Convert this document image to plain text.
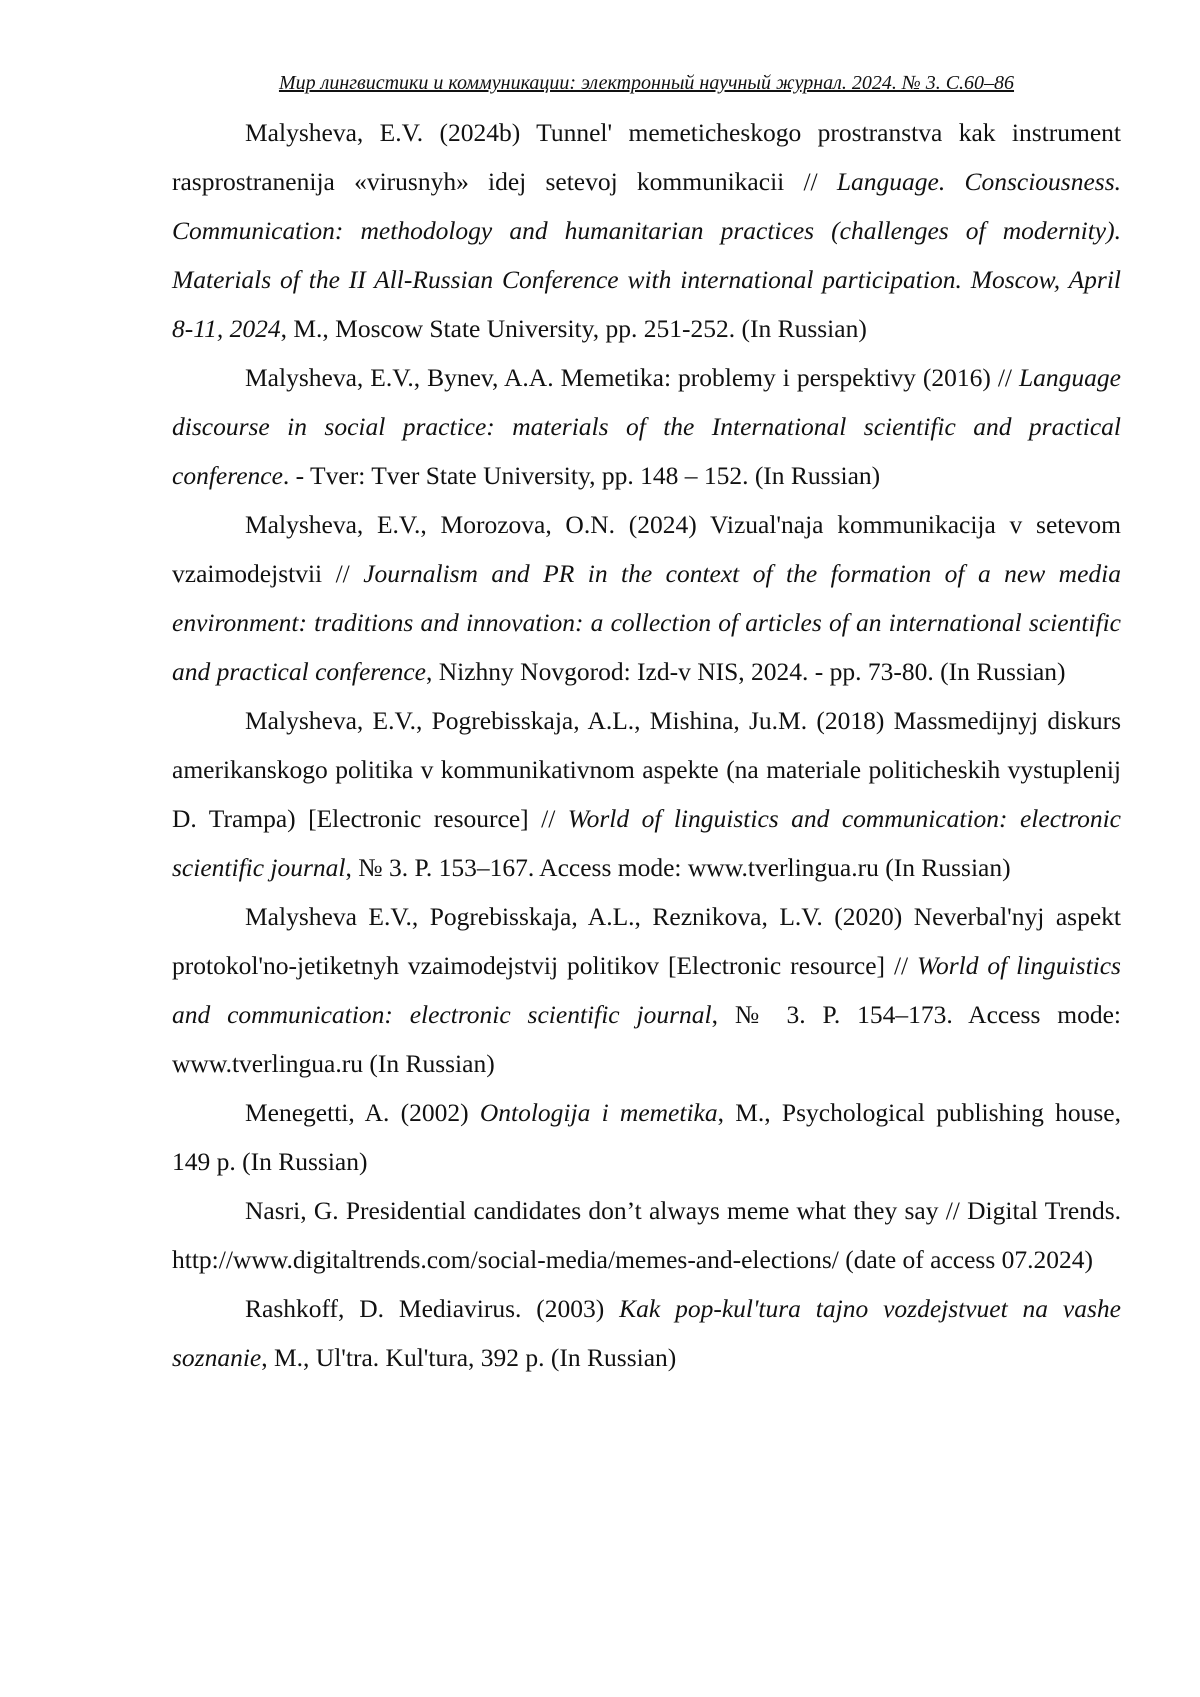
Мир лингвистики и коммуникации: электронный научный журнал. 2024. № 3. С.60–86

Malysheva, E.V. (2024b) Tunnel' memeticheskogo prostranstva kak instrument rasprostranenija «virusnyh» idej setevoj kommunikacii // Language. Consciousness. Communication: methodology and humanitarian practices (challenges of modernity). Materials of the II All-Russian Conference with international participation. Moscow, April 8-11, 2024, M., Moscow State University, pp. 251-252. (In Russian)

Malysheva, E.V., Bynev, A.A. Memetika: problemy i perspektivy (2016) // Language discourse in social practice: materials of the International scientific and practical conference. - Tver: Tver State University, pp. 148 – 152. (In Russian)

Malysheva, E.V., Morozova, O.N. (2024) Vizual'naja kommunikacija v setevom vzaimodejstvii // Journalism and PR in the context of the formation of a new media environment: traditions and innovation: a collection of articles of an international scientific and practical conference, Nizhny Novgorod: Izd-v NIS, 2024. - pp. 73-80. (In Russian)

Malysheva, E.V., Pogrebisskaja, A.L., Mishina, Ju.M. (2018) Massmedijnyj diskurs amerikanskogo politika v kommunikativnom aspekte (na materiale politicheskih vystuplenij D. Trampa) [Electronic resource] // World of linguistics and communication: electronic scientific journal, № 3. P. 153–167. Access mode: www.tverlingua.ru (In Russian)

Malysheva E.V., Pogrebisskaja, A.L., Reznikova, L.V. (2020) Neverbal'nyj aspekt protokol'no-jetiketnyh vzaimodejstvij politikov [Electronic resource] // World of linguistics and communication: electronic scientific journal, № 3. P. 154–173. Access mode: www.tverlingua.ru (In Russian)

Menegetti, A. (2002) Ontologija i memetika, M., Psychological publishing house, 149 p. (In Russian)

Nasri, G. Presidential candidates don’t always meme what they say // Digital Trends. http://www.digitaltrends.com/social-media/memes-and-elections/ (date of access 07.2024)

Rashkoff, D. Mediavirus. (2003) Kak pop-kul'tura tajno vozdejstvuet na vashe soznanie, M., Ul'tra. Kul'tura, 392 p. (In Russian)
